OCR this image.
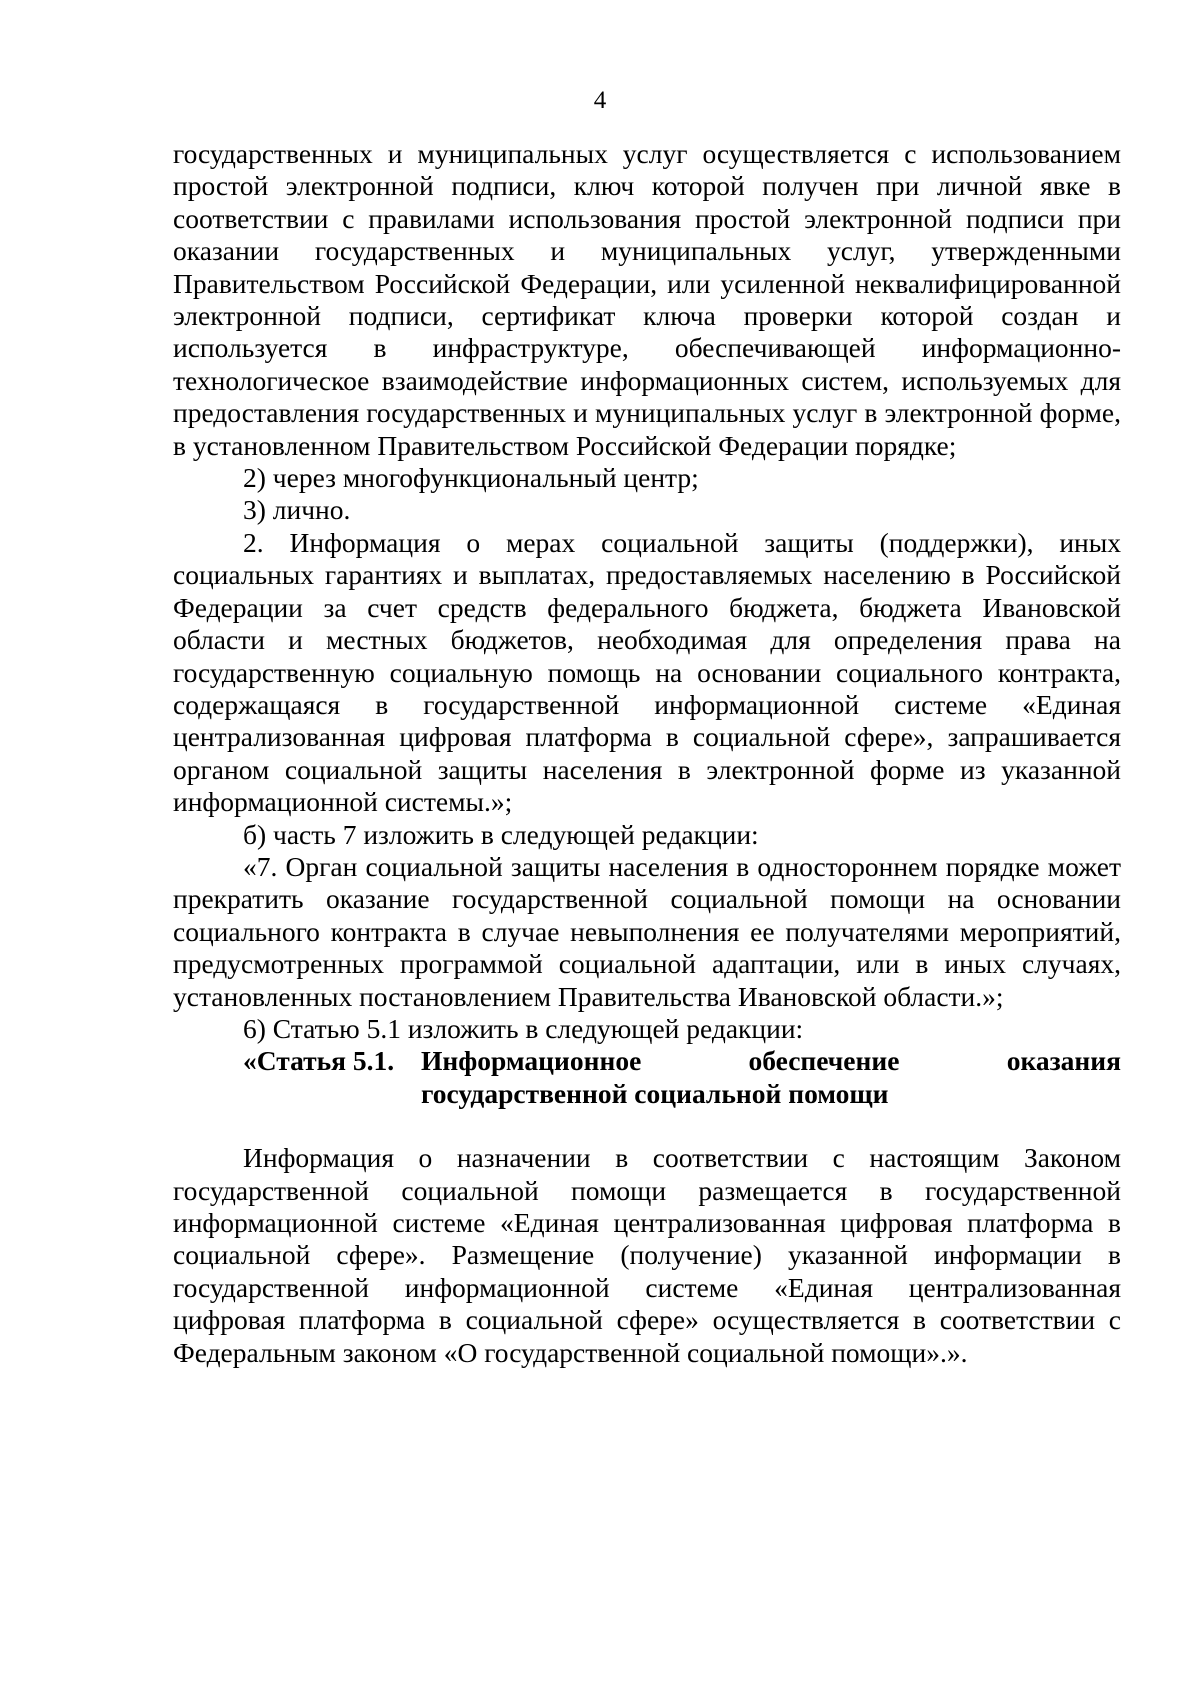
4

государственных и муниципальных услуг осуществляется с использованием простой электронной подписи, ключ которой получен при личной явке в соответствии с правилами использования простой электронной подписи при оказании государственных и муниципальных услуг, утвержденными Правительством Российской Федерации, или усиленной неквалифицированной электронной подписи, сертификат ключа проверки которой создан и используется в инфраструктуре, обеспечивающей информационно-технологическое взаимодействие информационных систем, используемых для предоставления государственных и муниципальных услуг в электронной форме, в установленном Правительством Российской Федерации порядке;

2) через многофункциональный центр;

3) лично.

2. Информация о мерах социальной защиты (поддержки), иных социальных гарантиях и выплатах, предоставляемых населению в Российской Федерации за счет средств федерального бюджета, бюджета Ивановской области и местных бюджетов, необходимая для определения права на государственную социальную помощь на основании социального контракта, содержащаяся в государственной информационной системе «Единая централизованная цифровая платформа в социальной сфере», запрашивается органом социальной защиты населения в электронной форме из указанной информационной системы.»;

б) часть 7 изложить в следующей редакции:

«7. Орган социальной защиты населения в одностороннем порядке может прекратить оказание государственной социальной помощи на основании социального контракта в случае невыполнения ее получателями мероприятий, предусмотренных программой социальной адаптации, или в иных случаях, установленных постановлением Правительства Ивановской области.»;

6) Статью 5.1 изложить в следующей редакции:

«Статья 5.1. Информационное обеспечение оказания
государственной социальной помощи

Информация о назначении в соответствии с настоящим Законом государственной социальной помощи размещается в государственной информационной системе «Единая централизованная цифровая платформа в социальной сфере». Размещение (получение) указанной информации в государственной информационной системе «Единая централизованная цифровая платформа в социальной сфере» осуществляется в соответствии с Федеральным законом «О государственной социальной помощи».».
